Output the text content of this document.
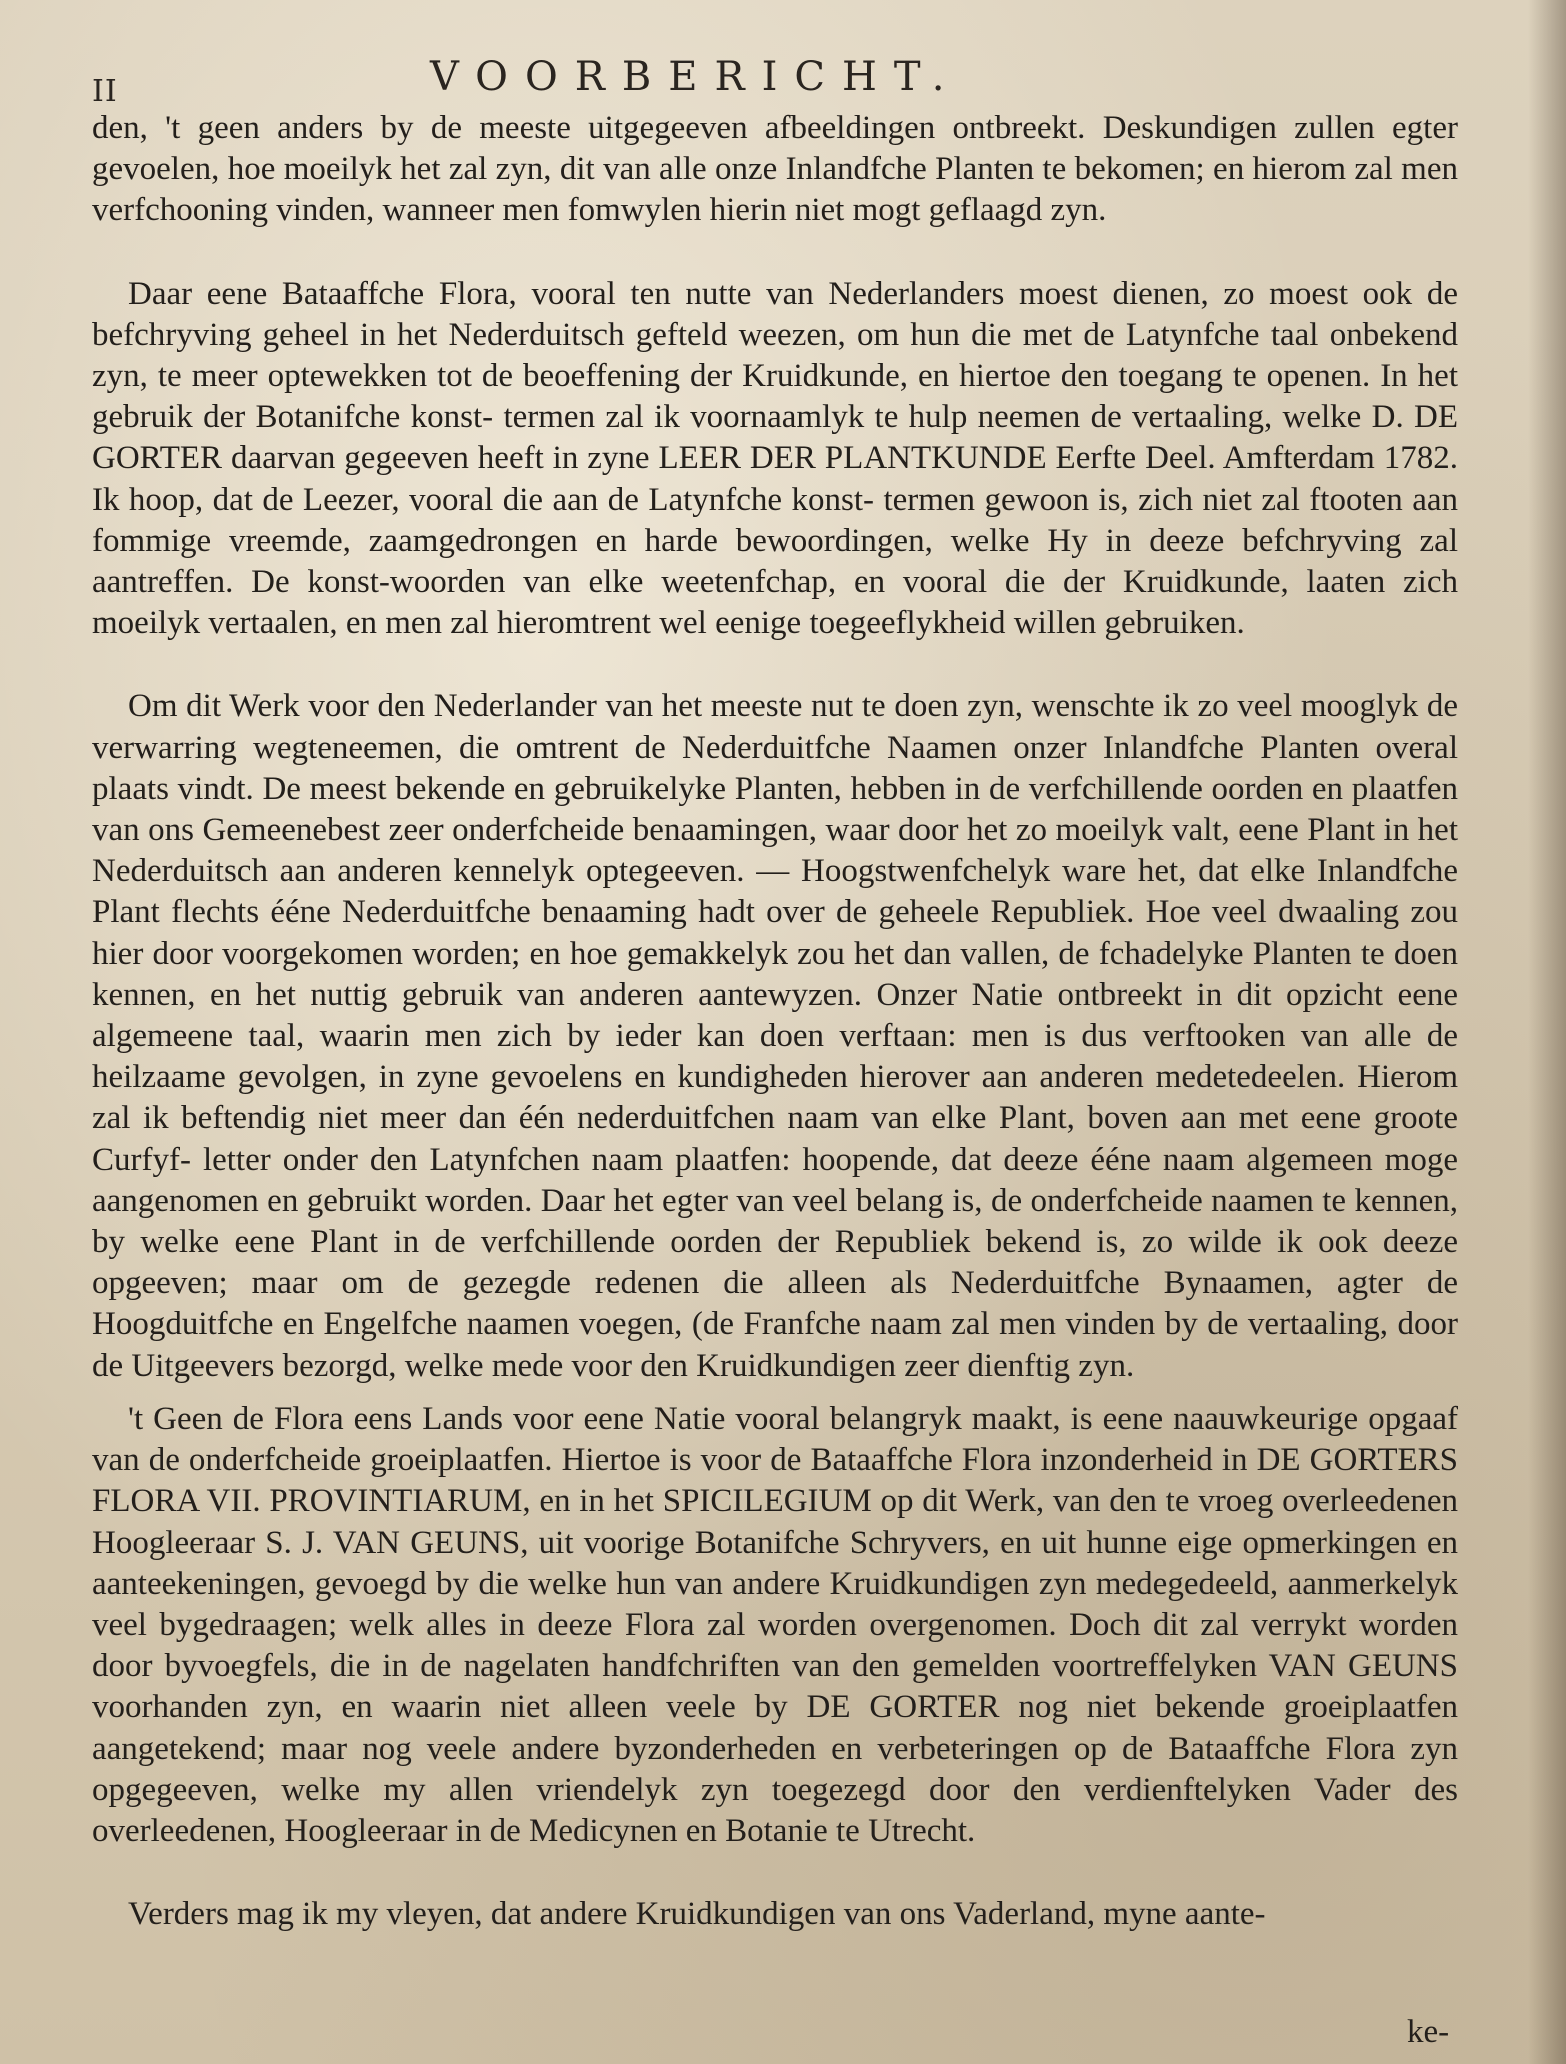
II	VOORBERICHT.

den, 't geen anders by de meeste uitgegeeven afbeeldingen ontbreekt. Deskundigen zullen egter gevoelen, hoe moeilyk het zal zyn, dit van alle onze Inlandfche Planten te bekomen; en hierom zal men verfchooning vinden, wanneer men fomwylen hierin niet mogt geflaagd zyn.

Daar eene Bataaffche Flora, vooral ten nutte van Nederlanders moest dienen, zo moest ook de befchryving geheel in het Nederduitsch gefteld weezen, om hun die met de Latynfche taal onbekend zyn, te meer optewekken tot de beoeffening der Kruidkunde, en hiertoe den toegang te openen. In het gebruik der Botanifche konst- termen zal ik voornaamlyk te hulp neemen de vertaaling, welke D. DE GORTER daarvan gegeeven heeft in zyne LEER DER PLANTKUNDE Eerfte Deel. Amfterdam 1782. Ik hoop, dat de Leezer, vooral die aan de Latynfche konst- termen gewoon is, zich niet zal ftooten aan fommige vreemde, zaamgedrongen en harde bewoordingen, welke Hy in deeze befchryving zal aantreffen. De konst-woorden van elke weetenfchap, en vooral die der Kruidkunde, laaten zich moeilyk vertaalen, en men zal hieromtrent wel eenige toegeeflykheid willen gebruiken.

Om dit Werk voor den Nederlander van het meeste nut te doen zyn, wenschte ik zo veel mooglyk de verwarring wegteneemen, die omtrent de Nederduitfche Naamen onzer Inlandfche Planten overal plaats vindt. De meest bekende en gebruikelyke Planten, hebben in de verfchillende oorden en plaatfen van ons Gemeenebest zeer onderfcheide benaamingen, waar door het zo moeilyk valt, eene Plant in het Nederduitsch aan anderen kennelyk optegeeven. — Hoogstwenfchelyk ware het, dat elke Inlandfche Plant flechts ééne Nederduitfche benaaming hadt over de geheele Republiek. Hoe veel dwaaling zou hier door voorgekomen worden; en hoe gemakkelyk zou het dan vallen, de fchadelyke Planten te doen kennen, en het nuttig gebruik van anderen aantewyzen. Onzer Natie ontbreekt in dit opzicht eene algemeene taal, waarin men zich by ieder kan doen verftaan: men is dus verftooken van alle de heilzaame gevolgen, in zyne gevoelens en kundigheden hierover aan anderen medetedeelen. Hierom zal ik beftendig niet meer dan één nederduitfchen naam van elke Plant, boven aan met eene groote Curfyf- letter onder den Latynfchen naam plaatfen: hoopende, dat deeze ééne naam algemeen moge aangenomen en gebruikt worden. Daar het egter van veel belang is, de onderfcheide naamen te kennen, by welke eene Plant in de verfchillende oorden der Republiek bekend is, zo wilde ik ook deeze opgeeven; maar om de gezegde redenen die alleen als Nederduitfche Bynaamen, agter de Hoogduitfche en Engelfche naamen voegen, (de Franfche naam zal men vinden by de vertaaling, door de Uitgeevers bezorgd, welke mede voor den Kruidkundigen zeer dienftig zyn.

't Geen de Flora eens Lands voor eene Natie vooral belangryk maakt, is eene naauwkeurige opgaaf van de onderfcheide groeiplaatfen. Hiertoe is voor de Bataaffche Flora inzonderheid in DE GORTERS FLORA VII. PROVINTIARUM, en in het SPICILEGIUM op dit Werk, van den te vroeg overleedenen Hoogleeraar S. J. VAN GEUNS, uit voorige Botanifche Schryvers, en uit hunne eige opmerkingen en aanteekeningen, gevoegd by die welke hun van andere Kruidkundigen zyn medegedeeld, aanmerkelyk veel bygedraagen; welk alles in deeze Flora zal worden overgenomen. Doch dit zal verrykt worden door byvoegfels, die in de nagelaten handfchriften van den gemelden voortreffelyken VAN GEUNS voorhanden zyn, en waarin niet alleen veele by DE GORTER nog niet bekende groeiplaatfen aangetekend; maar nog veele andere byzonderheden en verbeteringen op de Bataaffche Flora zyn opgegeeven, welke my allen vriendelyk zyn toegezegd door den verdienftelyken Vader des overleedenen, Hoogleeraar in de Medicynen en Botanie te Utrecht.

Verders mag ik my vleyen, dat andere Kruidkundigen van ons Vaderland, myne aante-

ke-
